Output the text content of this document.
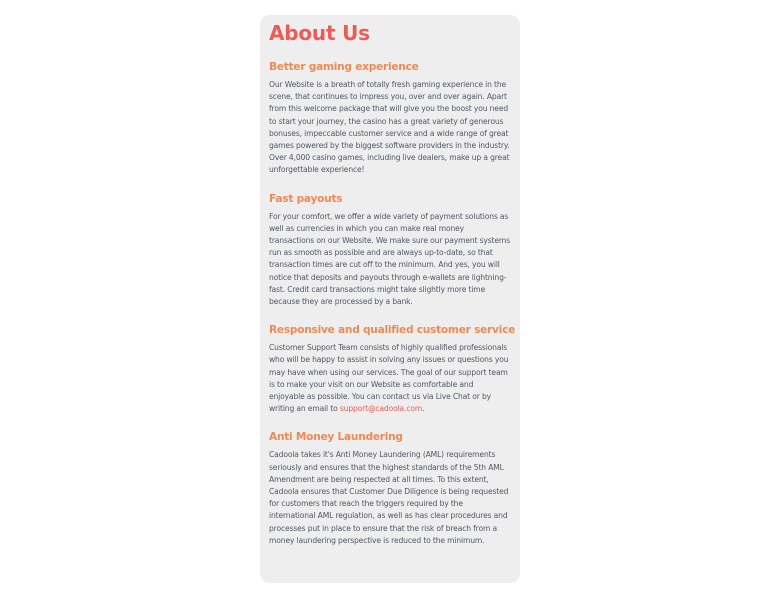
About Us
Better gaming experience

Our Website is a breath of totally fresh gaming experience in the scene, that continues to impress you, over and over again. Apart from this welcome package that will give you the boost you need to start your journey, the casino has a great variety of generous bonuses, impeccable customer service and a wide range of great games powered by the biggest software providers in the industry. Over 4,000 casino games, including live dealers, make up a great unforgettable experience!

Fast payouts

For your comfort, we offer a wide variety of payment solutions as well as currencies in which you can make real money transactions on our Website. We make sure our payment systems run as smooth as possible and are always up-to-date, so that transaction times are cut off to the minimum. And yes, you will notice that deposits and payouts through e-wallets are lightning-fast. Credit card transactions might take slightly more time because they are processed by a bank.

Responsive and qualified customer service

Customer Support Team consists of highly qualified professionals who will be happy to assist in solving any issues or questions you may have when using our services. The goal of our support team is to make your visit on our Website as comfortable and enjoyable as possible. You can contact us via Live Chat or by writing an email to support@cadoola.com.

Anti Money Laundering

Cadoola takes it's Anti Money Laundering (AML) requirements seriously and ensures that the highest standards of the 5th AML Amendment are being respected at all times. To this extent, Cadoola ensures that Customer Due Diligence is being requested for customers that reach the triggers required by the international AML regulation, as well as has clear procedures and processes put in place to ensure that the risk of breach from a money laundering perspective is reduced to the minimum.
